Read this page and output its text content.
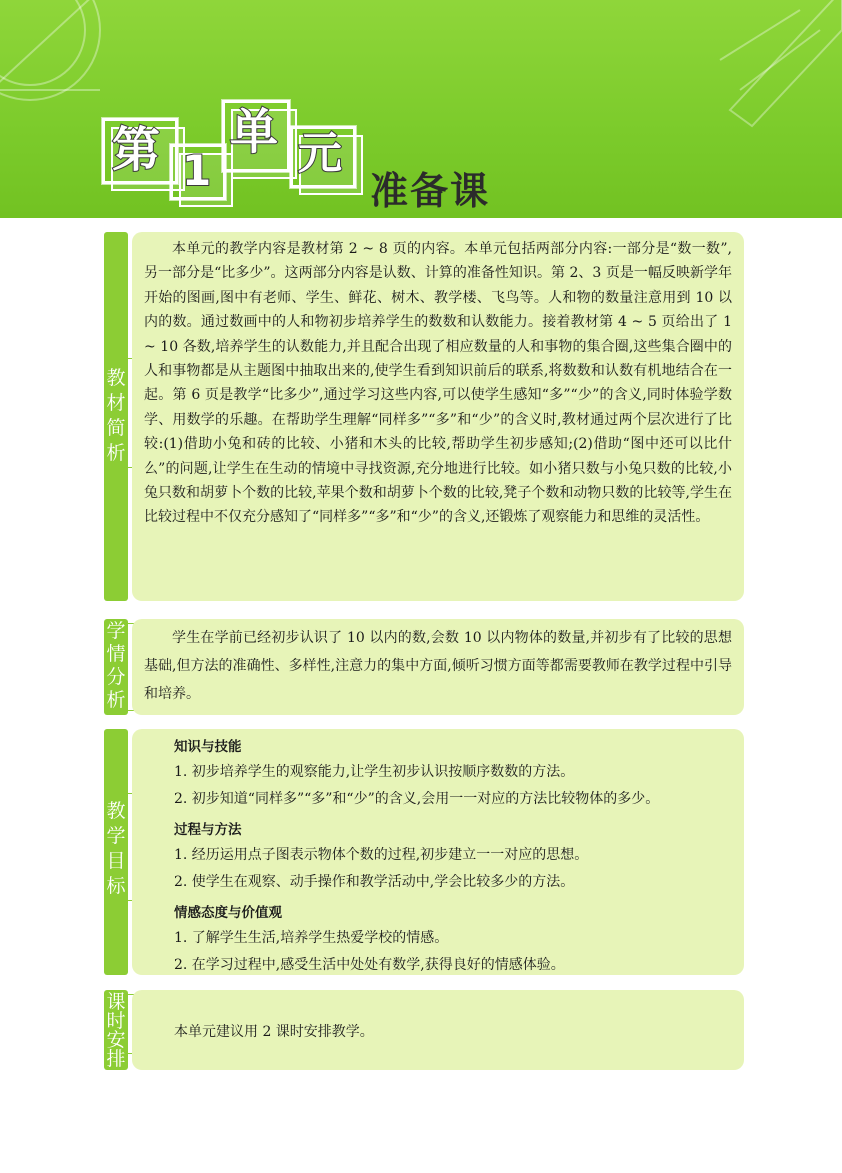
第 1
单 元
准备课
教
材
简
析
本单元的教学内容是教材第 2 ~ 8 页的内容。本单元包括两部分内容:一部分是“数一数”,另一部分是“比多少”。这两部分内容是认数、计算的准备性知识。第 2、3 页是一幅反映新学年开始的图画,图中有老师、学生、鲜花、树木、教学楼、飞鸟等。人和物的数量注意用到 10 以内的数。通过数画中的人和物初步培养学生的数数和认数能力。接着教材第 4 ~ 5 页给出了 1 ~ 10 各数,培养学生的认数能力,并且配合出现了相应数量的人和事物的集合圈,这些集合圈中的人和事物都是从主题图中抽取出来的,使学生看到知识前后的联系,将数数和认数有机地结合在一起。第 6 页是教学“比多少”,通过学习这些内容,可以使学生感知“多”“少”的含义,同时体验学数学、用数学的乐趣。在帮助学生理解“同样多”“多”和“少”的含义时,教材通过两个层次进行了比较:(1)借助小兔和砖的比较、小猪和木头的比较,帮助学生初步感知;(2)借助“图中还可以比什么”的问题,让学生在生动的情境中寻找资源,充分地进行比较。如小猪只数与小兔只数的比较,小兔只数和胡萝卜个数的比较,苹果个数和胡萝卜个数的比较,凳子个数和动物只数的比较等,学生在比较过程中不仅充分感知了“同样多”“多”和“少”的含义,还锻炼了观察能力和思维的灵活性。
学
情
分
析
学生在学前已经初步认识了 10 以内的数,会数 10 以内物体的数量,并初步有了比较的思想基础,但方法的准确性、多样性,注意力的集中方面,倾听习惯方面等都需要教师在教学过程中引导和培养。
教
学
目
标
知识与技能
1. 初步培养学生的观察能力,让学生初步认识按顺序数数的方法。
2. 初步知道“同样多”“多”和“少”的含义,会用一一对应的方法比较物体的多少。
过程与方法
1. 经历运用点子图表示物体个数的过程,初步建立一一对应的思想。
2. 使学生在观察、动手操作和教学活动中,学会比较多少的方法。
情感态度与价值观
1. 了解学生生活,培养学生热爱学校的情感。
2. 在学习过程中,感受生活中处处有数学,获得良好的情感体验。
课
时
安
排
本单元建议用 2 课时安排教学。
